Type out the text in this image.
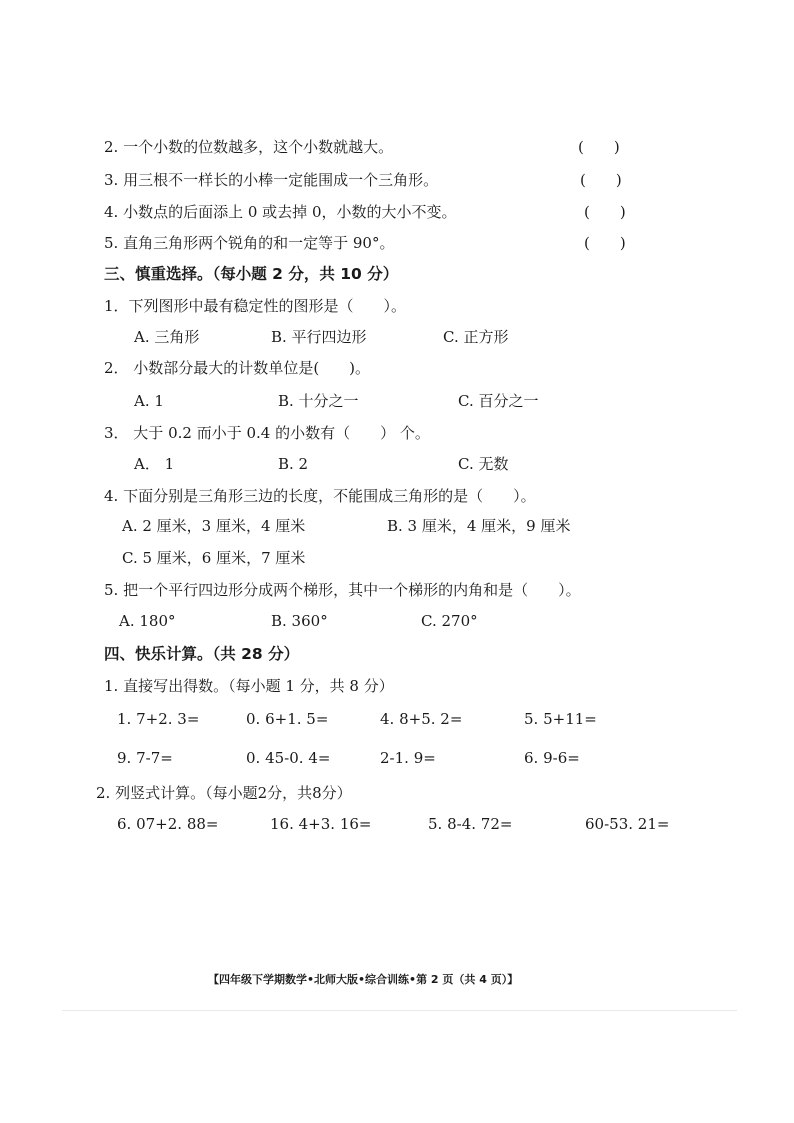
2. 一个小数的位数越多，这个小数就越大。	(　　)
3. 用三根不一样长的小棒一定能围成一个三角形。	(　　)
4. 小数点的后面添上 0 或去掉 0，小数的大小不变。	(　　)
5. 直角三角形两个锐角的和一定等于 90°。	(　　)
三、慎重选择。（每小题 2 分，共 10 分）
1．下列图形中最有稳定性的图形是（　　）。
A. 三角形	B. 平行四边形	C. 正方形
2． 小数部分最大的计数单位是(　　)。
A. 1	B. 十分之一	C. 百分之一
3． 大于 0.2 而小于 0.4 的小数有（　　） 个。
A． 1	B. 2	C. 无数
4. 下面分别是三角形三边的长度，不能围成三角形的是（　　）。
A. 2 厘米，3 厘米，4 厘米	B. 3 厘米，4 厘米，9 厘米
C. 5 厘米，6 厘米，7 厘米
5. 把一个平行四边形分成两个梯形，其中一个梯形的内角和是（　　）。
A. 180°	B. 360°	C. 270°
四、快乐计算。（共 28 分）
1. 直接写出得数。（每小题 1 分，共 8 分）
1. 7+2. 3=	0. 6+1. 5=	4. 8+5. 2=	5. 5+11=
9. 7-7=	0. 45-0. 4=	2-1. 9=	6. 9-6=
2. 列竖式计算。（每小题2分，共8分）
6. 07+2. 88=	16. 4+3. 16=	5. 8-4. 72=	60-53. 21=
【四年级下学期数学•北师大版•综合训练•第 2 页（共 4 页）】
